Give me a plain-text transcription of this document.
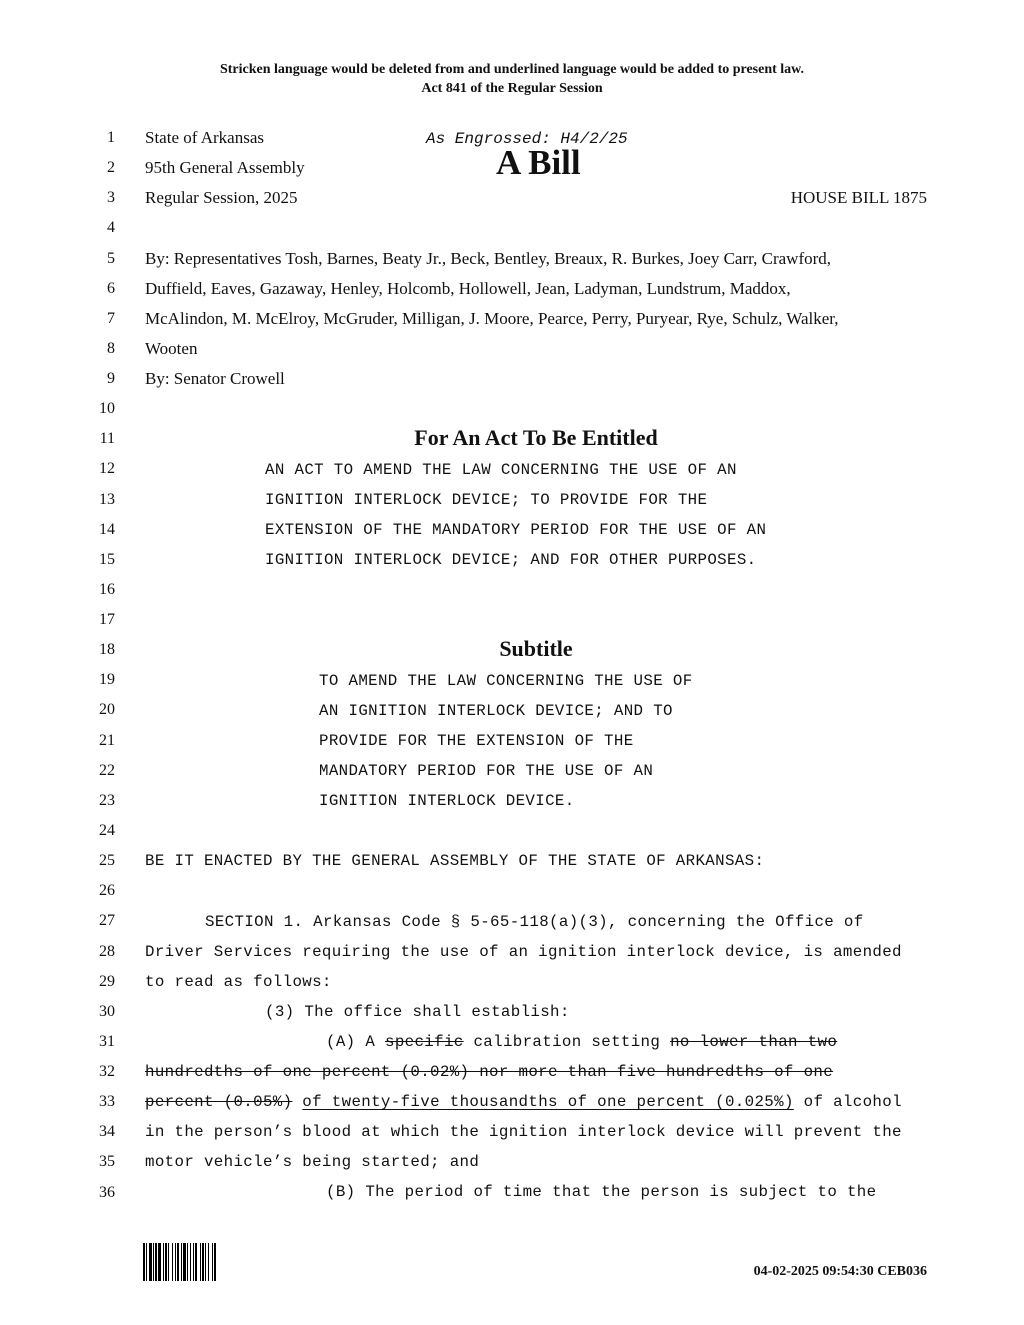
Stricken language would be deleted from and underlined language would be added to present law.
Act 841 of the Regular Session
1
2
3
4
5
6
7
8
9
10
11
12
13
14
15
16
17
18
19
20
21
22
23
24
25
26
27
28
29
30
31
32
33
34
35
36
State of Arkansas	As Engrossed: H4/2/25
95th General Assembly	A Bill
Regular Session, 2025	HOUSE BILL 1875
By: Representatives Tosh, Barnes, Beaty Jr., Beck, Bentley, Breaux, R. Burkes, Joey Carr, Crawford,
Duffield, Eaves, Gazaway, Henley, Holcomb, Hollowell, Jean, Ladyman, Lundstrum, Maddox,
McAlindon, M. McElroy, McGruder, Milligan, J. Moore, Pearce, Perry, Puryear, Rye, Schulz, Walker,
Wooten
By: Senator Crowell
For An Act To Be Entitled
AN ACT TO AMEND THE LAW CONCERNING THE USE OF AN
IGNITION INTERLOCK DEVICE; TO PROVIDE FOR THE
EXTENSION OF THE MANDATORY PERIOD FOR THE USE OF AN
IGNITION INTERLOCK DEVICE; AND FOR OTHER PURPOSES.
Subtitle
TO AMEND THE LAW CONCERNING THE USE OF
AN IGNITION INTERLOCK DEVICE; AND TO
PROVIDE FOR THE EXTENSION OF THE
MANDATORY PERIOD FOR THE USE OF AN
IGNITION INTERLOCK DEVICE.
BE IT ENACTED BY THE GENERAL ASSEMBLY OF THE STATE OF ARKANSAS:
SECTION 1. Arkansas Code § 5-65-118(a)(3), concerning the Office of
Driver Services requiring the use of an ignition interlock device, is amended
to read as follows:
(3) The office shall establish:
(A) A specific calibration setting no lower than two
hundredths of one percent (0.02%) nor more than five hundredths of one
percent (0.05%) of twenty-five thousandths of one percent (0.025%) of alcohol
in the person’s blood at which the ignition interlock device will prevent the
motor vehicle’s being started; and
(B) The period of time that the person is subject to the
04-02-2025 09:54:30 CEB036
